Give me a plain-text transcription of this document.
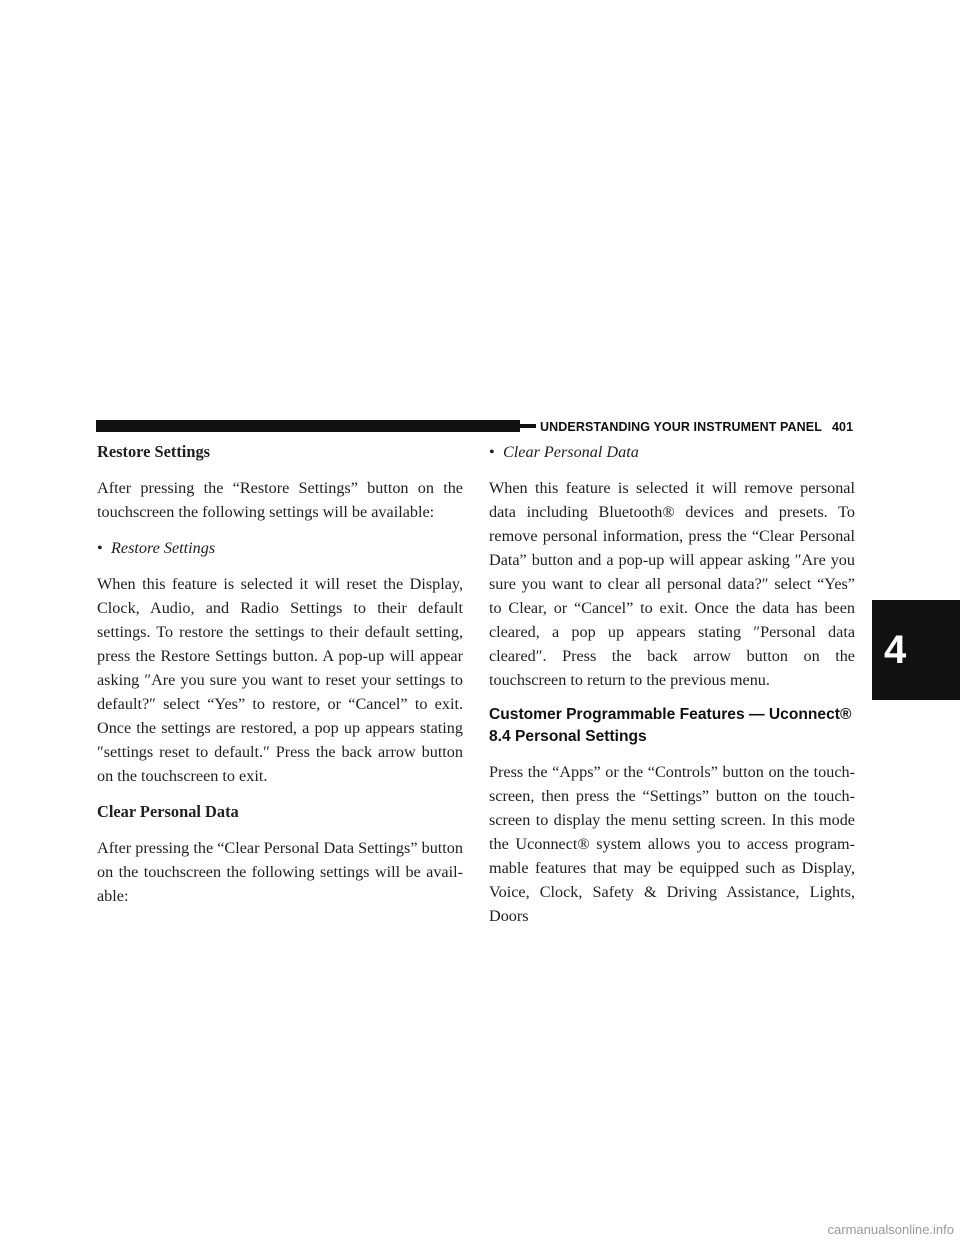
UNDERSTANDING YOUR INSTRUMENT PANEL 401
4
Restore Settings

After pressing the “Restore Settings” button on the touchscreen the following settings will be available:

• Restore Settings

When this feature is selected it will reset the Display, Clock, Audio, and Radio Settings to their default settings. To restore the settings to their default setting, press the Restore Settings button. A pop-up will appear asking ″Are you sure you want to reset your settings to default?″ select “Yes” to restore, or “Cancel” to exit. Once the settings are restored, a pop up appears stating ″settings reset to default.″ Press the back arrow button on the touchscreen to exit.

Clear Personal Data

After pressing the “Clear Personal Data Settings” button on the touchscreen the following settings will be avail- able:

• Clear Personal Data

When this feature is selected it will remove personal data including Bluetooth® devices and presets. To remove personal information, press the “Clear Personal Data” button and a pop-up will appear asking ″Are you sure you want to clear all personal data?″ select “Yes” to Clear, or “Cancel” to exit. Once the data has been cleared, a pop up appears stating ″Personal data cleared″. Press the back arrow button on the touchscreen to return to the previous menu.

Customer Programmable Features — Uconnect® 8.4 Personal Settings

Press the “Apps” or the “Controls” button on the touch- screen, then press the “Settings” button on the touch- screen to display the menu setting screen. In this mode the Uconnect® system allows you to access program- mable features that may be equipped such as Display, Voice, Clock, Safety & Driving Assistance, Lights, Doors

carmanualsonline.info
